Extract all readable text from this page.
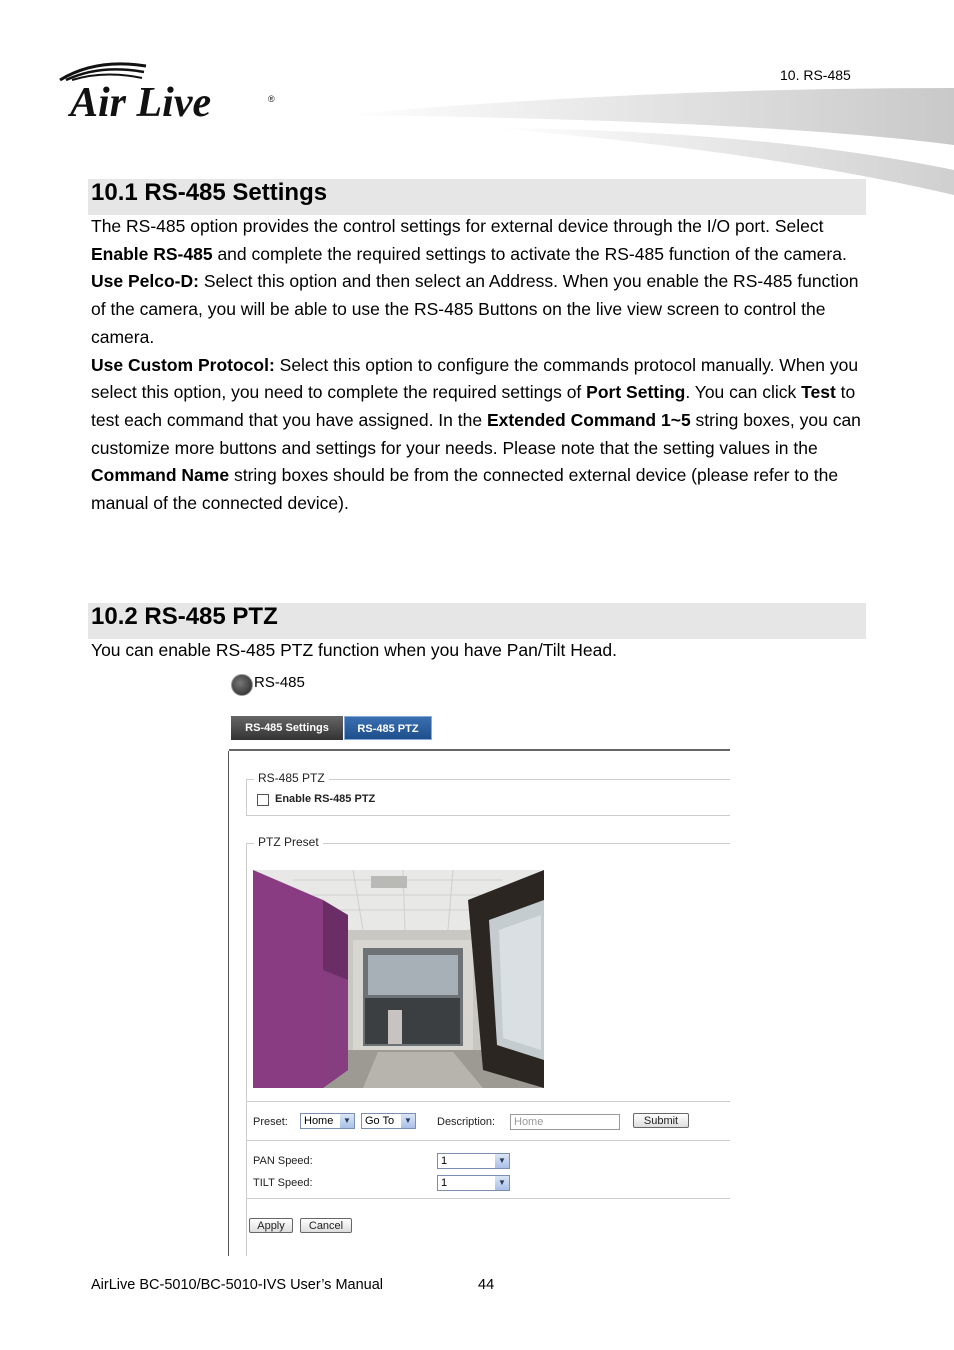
10. RS-485
Air Live	®
10.1 RS-485 Settings

The RS-485 option provides the control settings for external device through the I/O port. Select Enable RS-485 and complete the required settings to activate the RS-485 function of the camera.

Use Pelco-D: Select this option and then select an Address. When you enable the RS-485 function of the camera, you will be able to use the RS-485 Buttons on the live view screen to control the camera.

Use Custom Protocol: Select this option to configure the commands protocol manually. When you select this option, you need to complete the required settings of Port Setting. You can click Test to test each command that you have assigned. In the Extended Command 1~5 string boxes, you can customize more buttons and settings for your needs. Please note that the setting values in the Command Name string boxes should be from the connected external device (please refer to the manual of the connected device).

10.2 RS-485 PTZ
You can enable RS-485 PTZ function when you have Pan/Tilt Head.
RS-485
RS-485 Settings	RS-485 PTZ
RS-485 PTZ
Enable RS-485 PTZ
PTZ Preset
Preset:	Home	▼	Go To	▼ Description:	Home	Submit
PAN Speed:	1	▼
TILT Speed:	1	▼
Apply	Cancel
AirLive BC-5010/BC-5010-IVS User’s Manual	44
